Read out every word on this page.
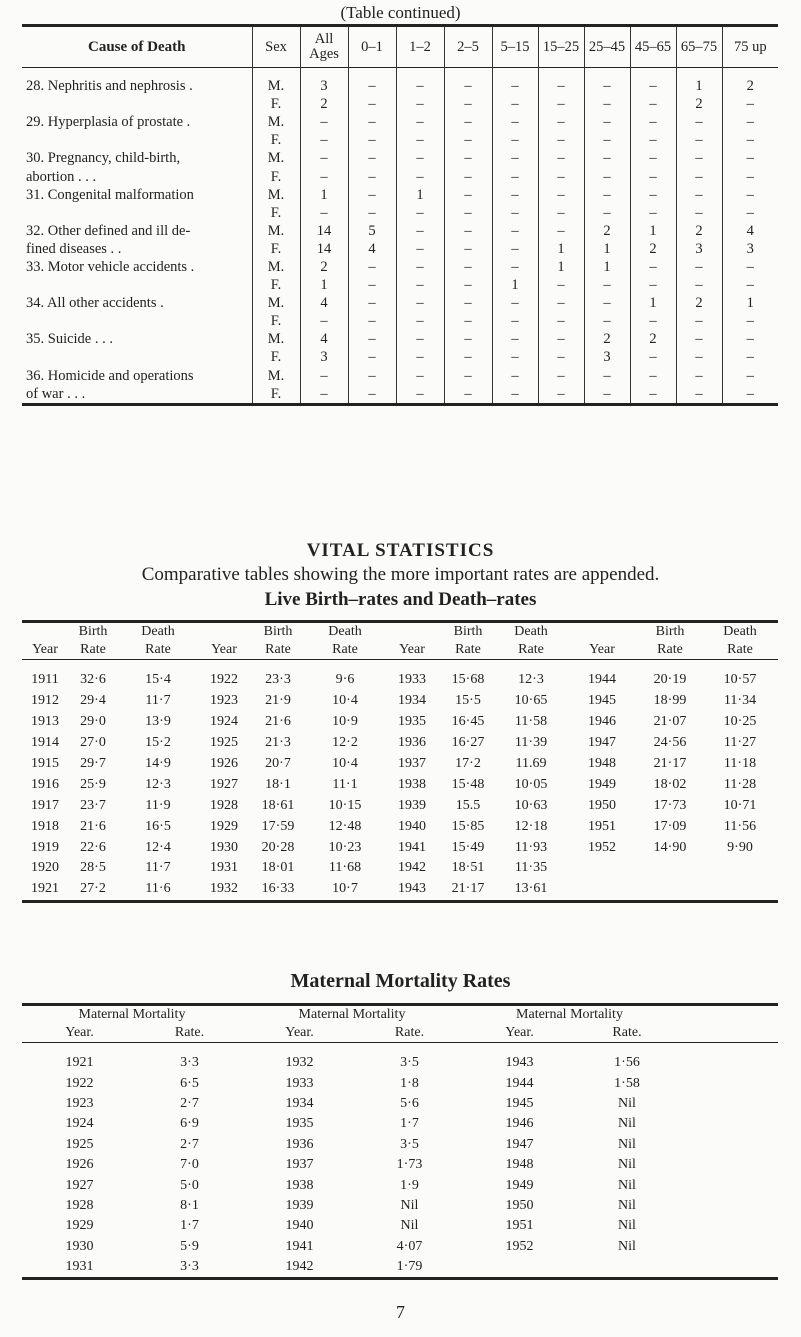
(Table continued)
Cause of Death	Sex	All Ages	0–1	1–2	2–5	5–15	15–25	25–45	45–65	65–75	75 up
28. Nephritis and nephrosis .	M.	3	–	–	–	–	–	–	–	1	2
	F.	2	–	–	–	–	–	–	–	2	–
29. Hyperplasia of prostate .	M.	–	–	–	–	–	–	–	–	–	–
	F.	–	–	–	–	–	–	–	–	–	–
30. Pregnancy, child-birth,	M.	–	–	–	–	–	–	–	–	–	–
abortion . . .	F.	–	–	–	–	–	–	–	–	–	–
31. Congenital malformation	M.	1	–	1	–	–	–	–	–	–	–
	F.	–	–	–	–	–	–	–	–	–	–
32. Other defined and ill de-	M.	14	5	–	–	–	–	2	1	2	4
fined diseases . .	F.	14	4	–	–	–	1	1	2	3	3
33. Motor vehicle accidents .	M.	2	–	–	–	–	1	1	–	–	–
	F.	1	–	–	–	1	–	–	–	–	–
34. All other accidents .	M.	4	–	–	–	–	–	–	1	2	1
	F.	–	–	–	–	–	–	–	–	–	–
35. Suicide . . .	M.	4	–	–	–	–	–	2	2	–	–
	F.	3	–	–	–	–	–	3	–	–	–
36. Homicide and operations	M.	–	–	–	–	–	–	–	–	–	–
of war . . .	F.	–	–	–	–	–	–	–	–	–	–
VITAL STATISTICS
Comparative tables showing the more important rates are appended.
Live Birth–rates and Death–rates
	Birth	Death		Birth	Death		Birth	Death		Birth	Death
Year	Rate	Rate	Year	Rate	Rate	Year	Rate	Rate	Year	Rate	Rate
1911	32·6	15·4	1922	23·3	9·6	1933	15·68	12·3	1944	20·19	10·57
1912	29·4	11·7	1923	21·9	10·4	1934	15·5	10·65	1945	18·99	11·34
1913	29·0	13·9	1924	21·6	10·9	1935	16·45	11·58	1946	21·07	10·25
1914	27·0	15·2	1925	21·3	12·2	1936	16·27	11·39	1947	24·56	11·27
1915	29·7	14·9	1926	20·7	10·4	1937	17·2	11.69	1948	21·17	11·18
1916	25·9	12·3	1927	18·1	11·1	1938	15·48	10·05	1949	18·02	11·28
1917	23·7	11·9	1928	18·61	10·15	1939	15.5	10·63	1950	17·73	10·71
1918	21·6	16·5	1929	17·59	12·48	1940	15·85	12·18	1951	17·09	11·56
1919	22·6	12·4	1930	20·28	10·23	1941	15·49	11·93	1952	14·90	9·90
1920	28·5	11·7	1931	18·01	11·68	1942	18·51	11·35			
1921	27·2	11·6	1932	16·33	10·7	1943	21·17	13·61			
Maternal Mortality Rates
Maternal Mortality		Maternal Mortality		Maternal Mortality		
Year.	Rate.	Year.	Rate.	Year.	Rate.	
1921	3·3	1932	3·5	1943	1·56	
1922	6·5	1933	1·8	1944	1·58	
1923	2·7	1934	5·6	1945	Nil	
1924	6·9	1935	1·7	1946	Nil	
1925	2·7	1936	3·5	1947	Nil	
1926	7·0	1937	1·73	1948	Nil	
1927	5·0	1938	1·9	1949	Nil	
1928	8·1	1939	Nil	1950	Nil	
1929	1·7	1940	Nil	1951	Nil	
1930	5·9	1941	4·07	1952	Nil	
1931	3·3	1942	1·79			
7
